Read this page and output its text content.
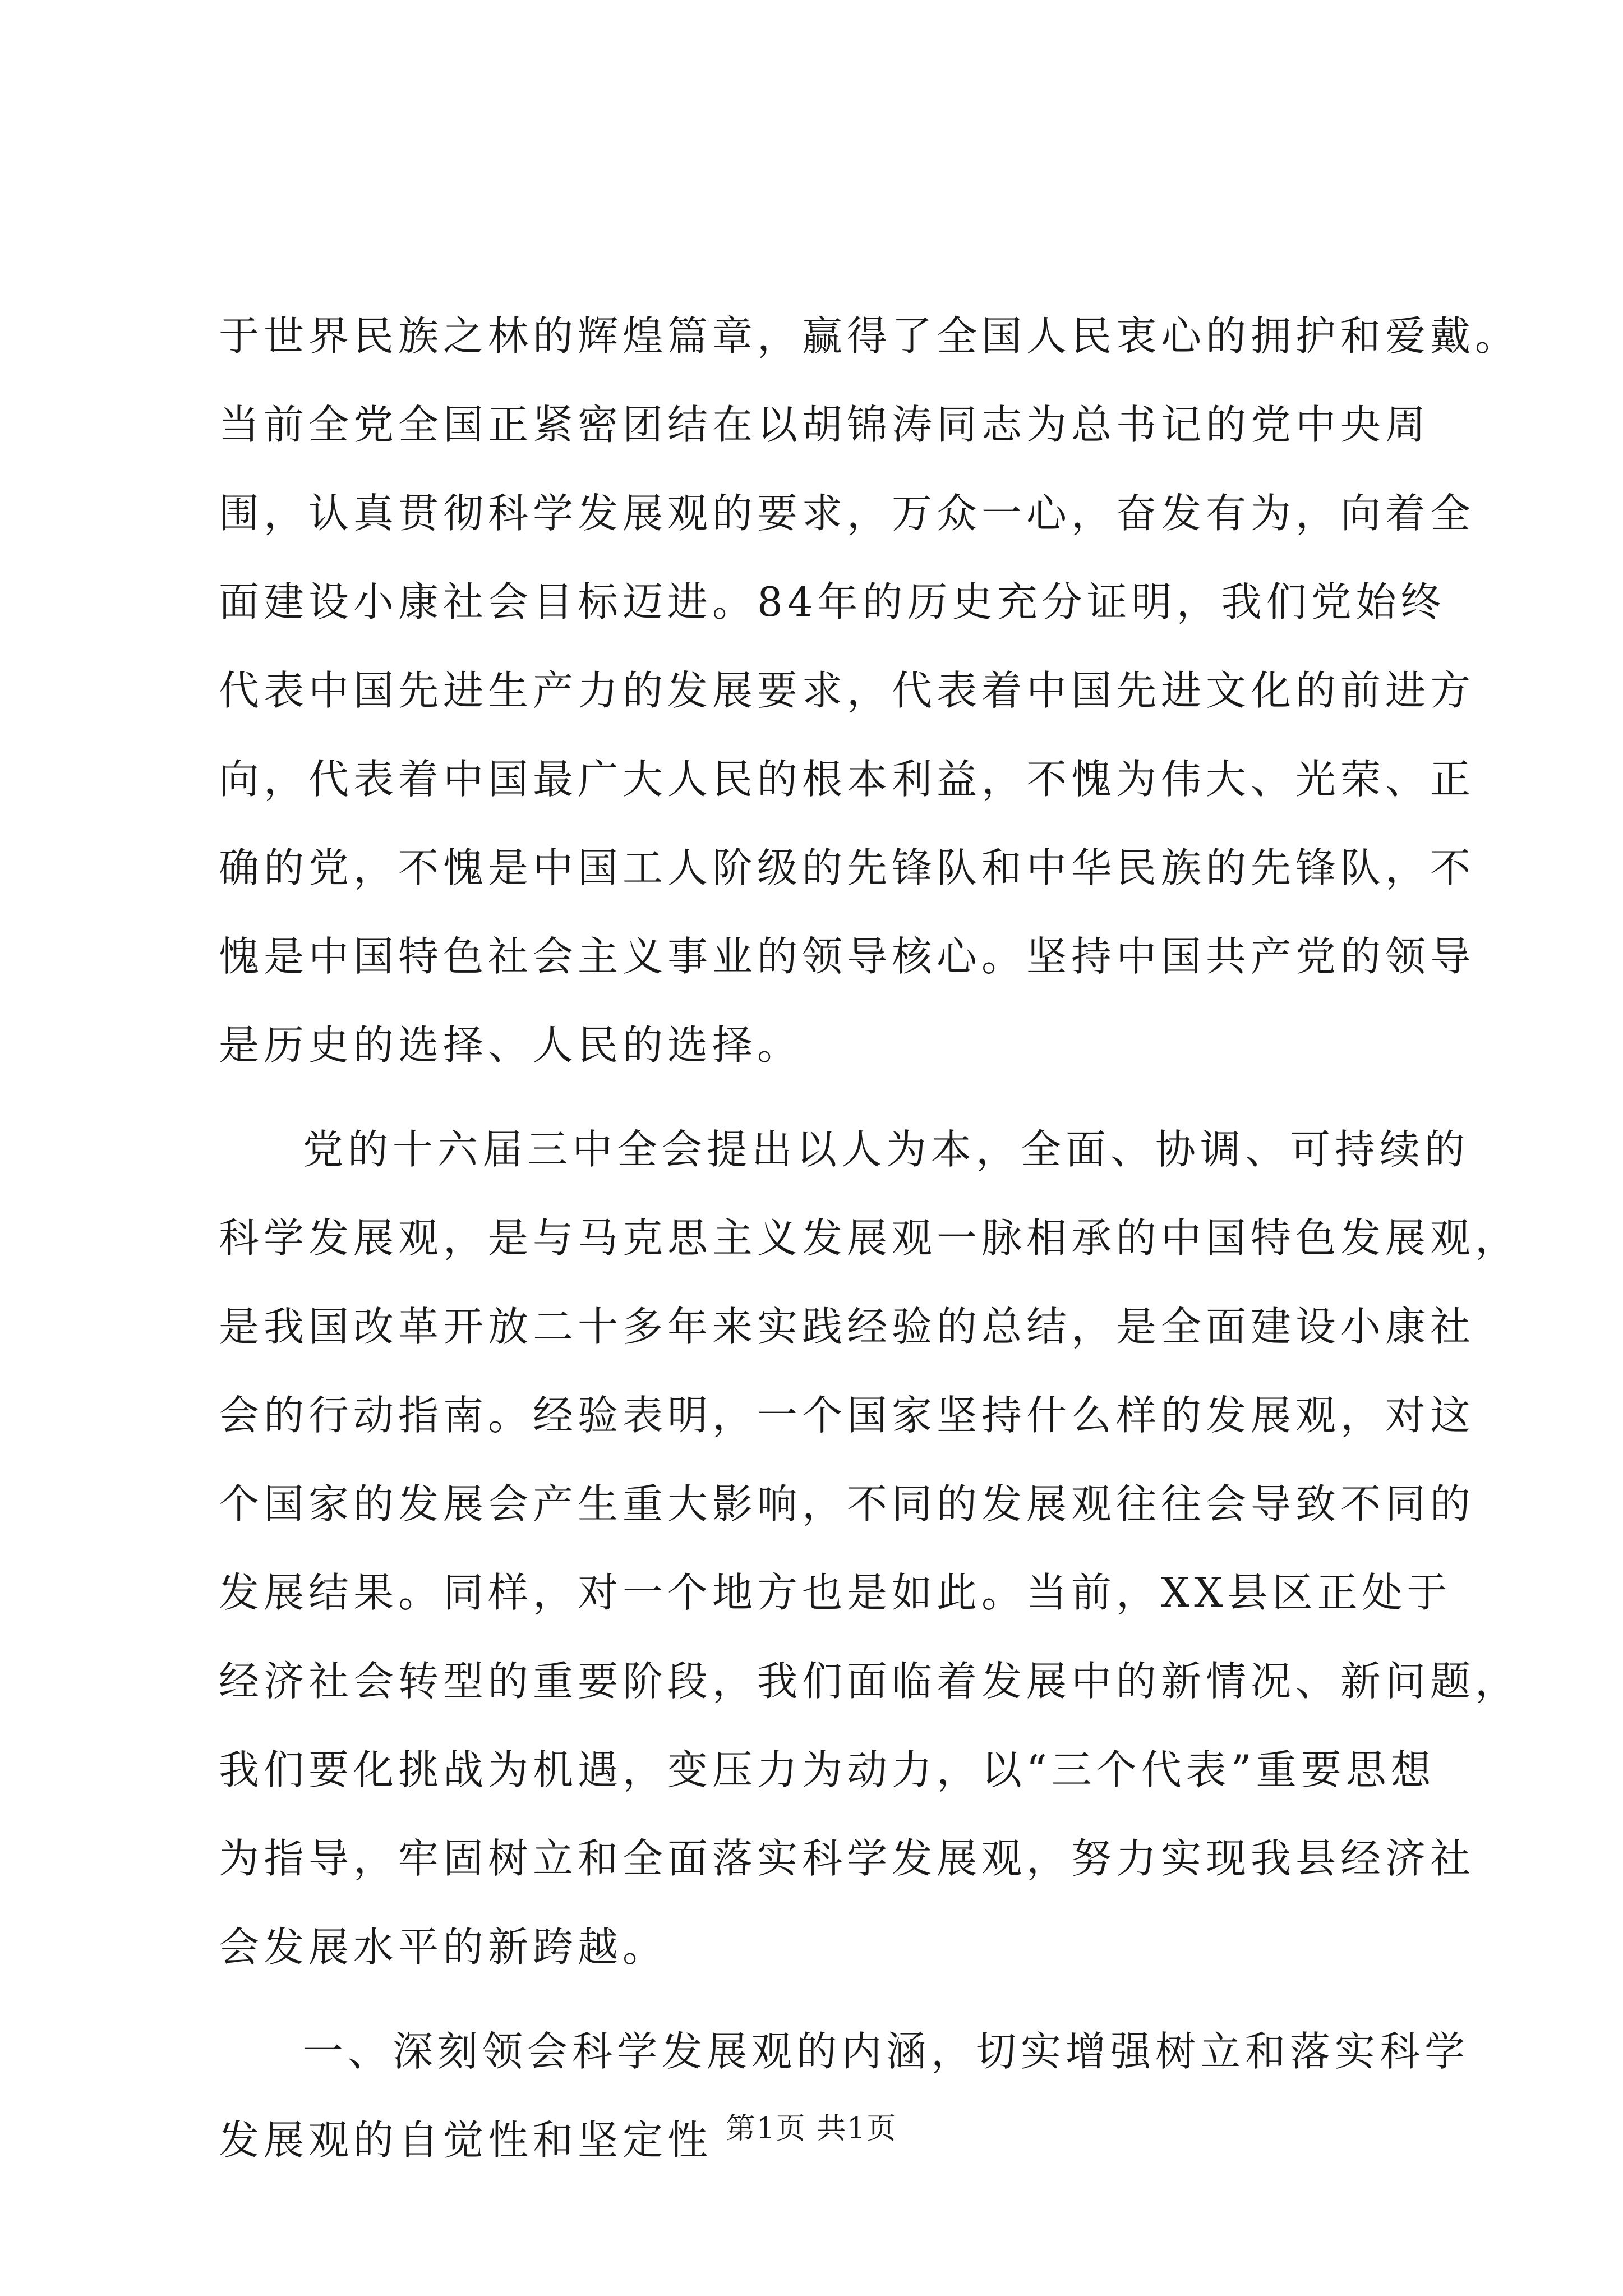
于世界民族之林的辉煌篇章，赢得了全国人民衷心的拥护和爱戴。
当前全党全国正紧密团结在以胡锦涛同志为总书记的党中央周
围，认真贯彻科学发展观的要求，万众一心，奋发有为，向着全
面建设小康社会目标迈进。84年的历史充分证明，我们党始终
代表中国先进生产力的发展要求，代表着中国先进文化的前进方
向，代表着中国最广大人民的根本利益，不愧为伟大、光荣、正
确的党，不愧是中国工人阶级的先锋队和中华民族的先锋队，不
愧是中国特色社会主义事业的领导核心。坚持中国共产党的领导
是历史的选择、人民的选择。
党的十六届三中全会提出以人为本，全面、协调、可持续的
科学发展观，是与马克思主义发展观一脉相承的中国特色发展观，
是我国改革开放二十多年来实践经验的总结，是全面建设小康社
会的行动指南。经验表明，一个国家坚持什么样的发展观，对这
个国家的发展会产生重大影响，不同的发展观往往会导致不同的
发展结果。同样，对一个地方也是如此。当前，XX县区正处于
经济社会转型的重要阶段，我们面临着发展中的新情况、新问题，
我们要化挑战为机遇，变压力为动力，以“三个代表”重要思想
为指导，牢固树立和全面落实科学发展观，努力实现我县经济社
会发展水平的新跨越。
一、深刻领会科学发展观的内涵，切实增强树立和落实科学
发展观的自觉性和坚定性 第1页 共1页
